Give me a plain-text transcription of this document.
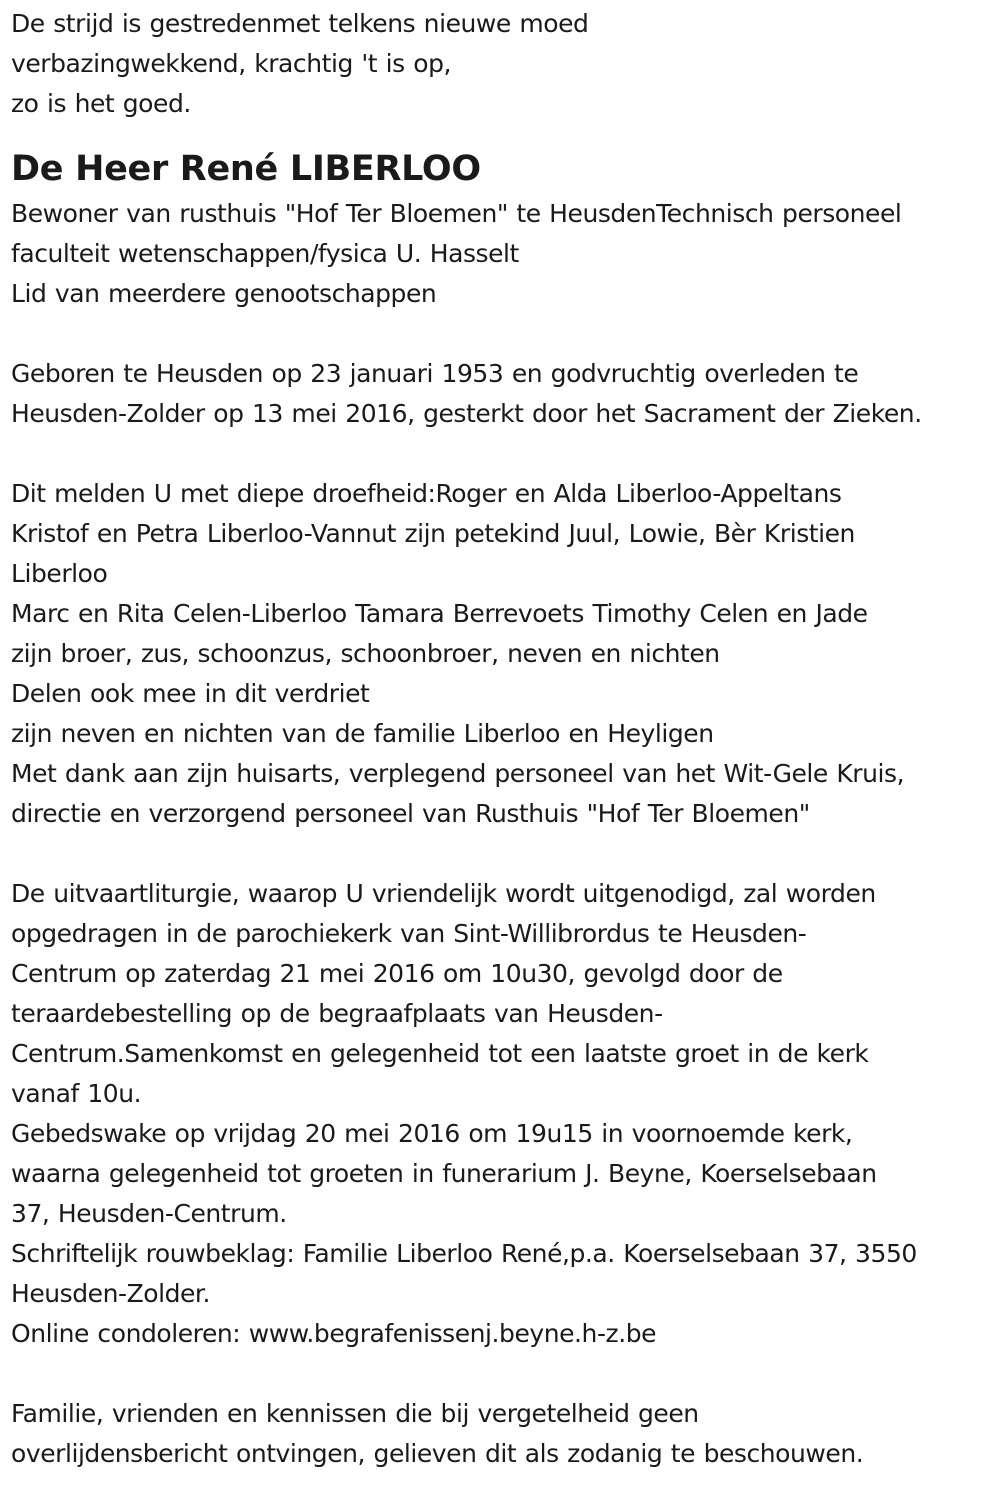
De strijd is gestredenmet telkens nieuwe moed
verbazingwekkend, krachtig 't is op,
zo is het goed.
De Heer René LIBERLOO
Bewoner van rusthuis "Hof Ter Bloemen" te HeusdenTechnisch personeel
faculteit wetenschappen/fysica U. Hasselt
Lid van meerdere genootschappen
Geboren te Heusden op 23 januari 1953 en godvruchtig overleden te
Heusden-Zolder op 13 mei 2016, gesterkt door het Sacrament der Zieken.
Dit melden U met diepe droefheid:Roger en Alda Liberloo-Appeltans
Kristof en Petra Liberloo-Vannut zijn petekind Juul, Lowie, Bèr Kristien
Liberloo
Marc en Rita Celen-Liberloo Tamara Berrevoets Timothy Celen en Jade
zijn broer, zus, schoonzus, schoonbroer, neven en nichten
Delen ook mee in dit verdriet
zijn neven en nichten van de familie Liberloo en Heyligen
Met dank aan zijn huisarts, verplegend personeel van het Wit-Gele Kruis,
directie en verzorgend personeel van Rusthuis "Hof Ter Bloemen"
De uitvaartliturgie, waarop U vriendelijk wordt uitgenodigd, zal worden
opgedragen in de parochiekerk van Sint-Willibrordus te Heusden-
Centrum op zaterdag 21 mei 2016 om 10u30, gevolgd door de
teraardebestelling op de begraafplaats van Heusden-
Centrum.Samenkomst en gelegenheid tot een laatste groet in de kerk
vanaf 10u.
Gebedswake op vrijdag 20 mei 2016 om 19u15 in voornoemde kerk,
waarna gelegenheid tot groeten in funerarium J. Beyne, Koerselsebaan
37, Heusden-Centrum.
Schriftelijk rouwbeklag: Familie Liberloo René,p.a. Koerselsebaan 37, 3550
Heusden-Zolder.
Online condoleren: www.begrafenissenj.beyne.h-z.be
Familie, vrienden en kennissen die bij vergetelheid geen
overlijdensbericht ontvingen, gelieven dit als zodanig te beschouwen.
